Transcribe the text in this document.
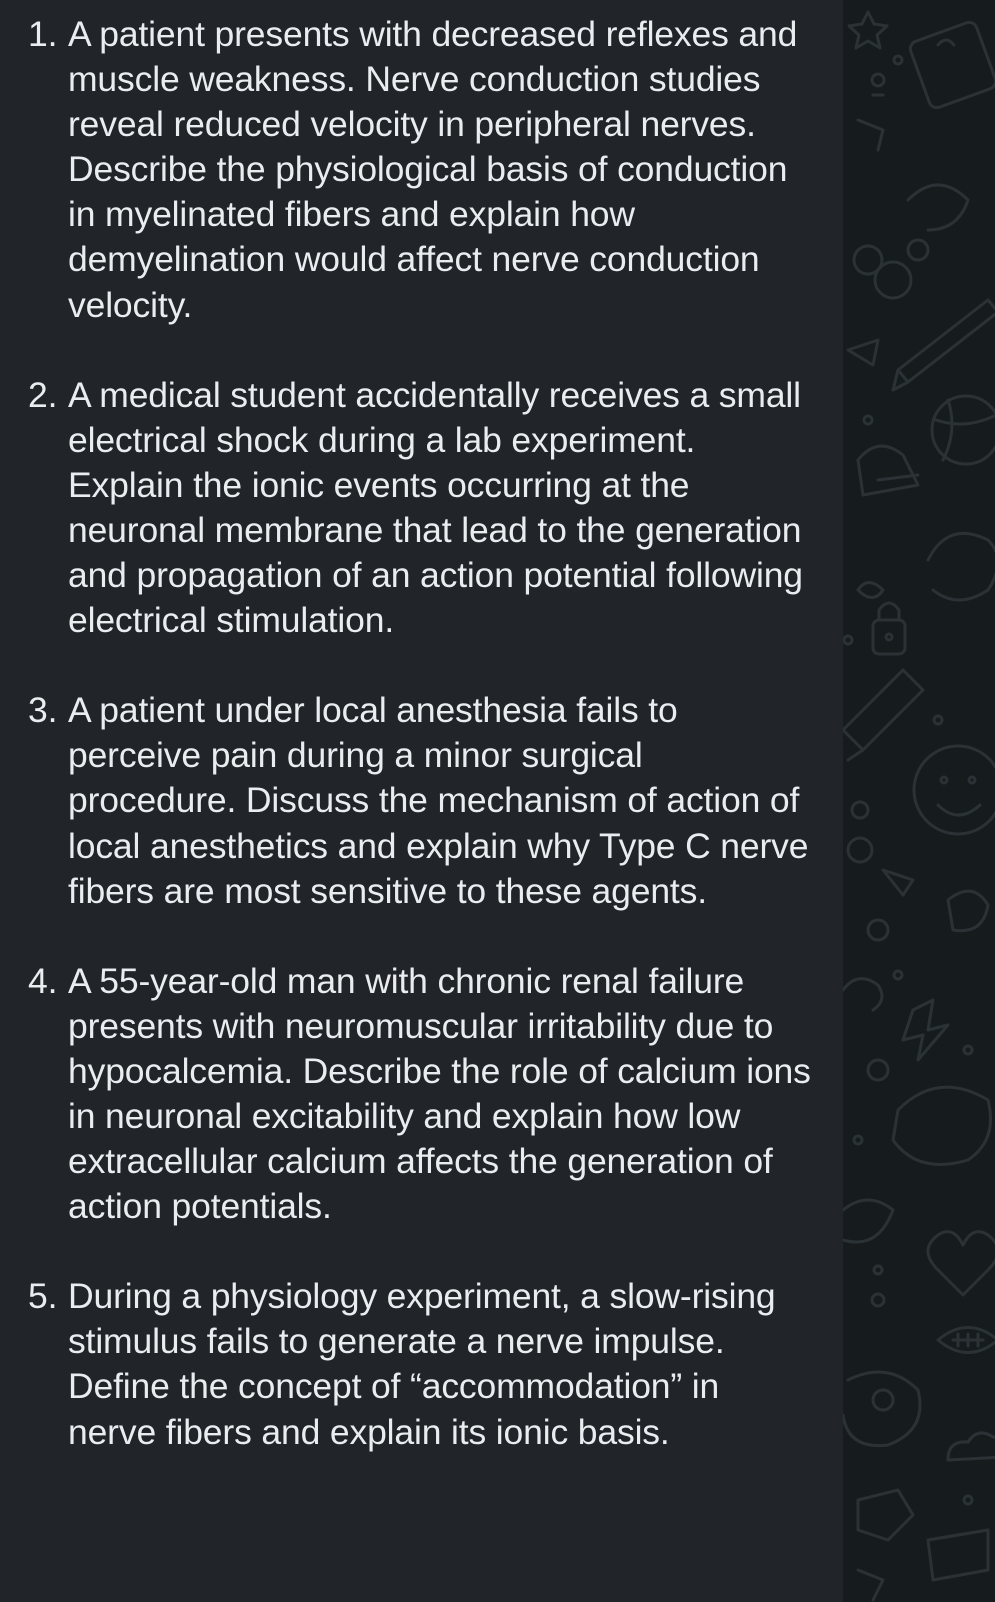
1. A patient presents with decreased reflexes and muscle weakness. Nerve conduction studies reveal reduced velocity in peripheral nerves. Describe the physiological basis of conduction in myelinated fibers and explain how demyelination would affect nerve conduction velocity.
2. A medical student accidentally receives a small electrical shock during a lab experiment. Explain the ionic events occurring at the neuronal membrane that lead to the generation and propagation of an action potential following electrical stimulation.
3. A patient under local anesthesia fails to perceive pain during a minor surgical procedure. Discuss the mechanism of action of local anesthetics and explain why Type C nerve fibers are most sensitive to these agents.
4. A 55-year-old man with chronic renal failure presents with neuromuscular irritability due to hypocalcemia. Describe the role of calcium ions in neuronal excitability and explain how low extracellular calcium affects the generation of action potentials.
5. During a physiology experiment, a slow-rising stimulus fails to generate a nerve impulse. Define the concept of “accommodation” in nerve fibers and explain its ionic basis.
